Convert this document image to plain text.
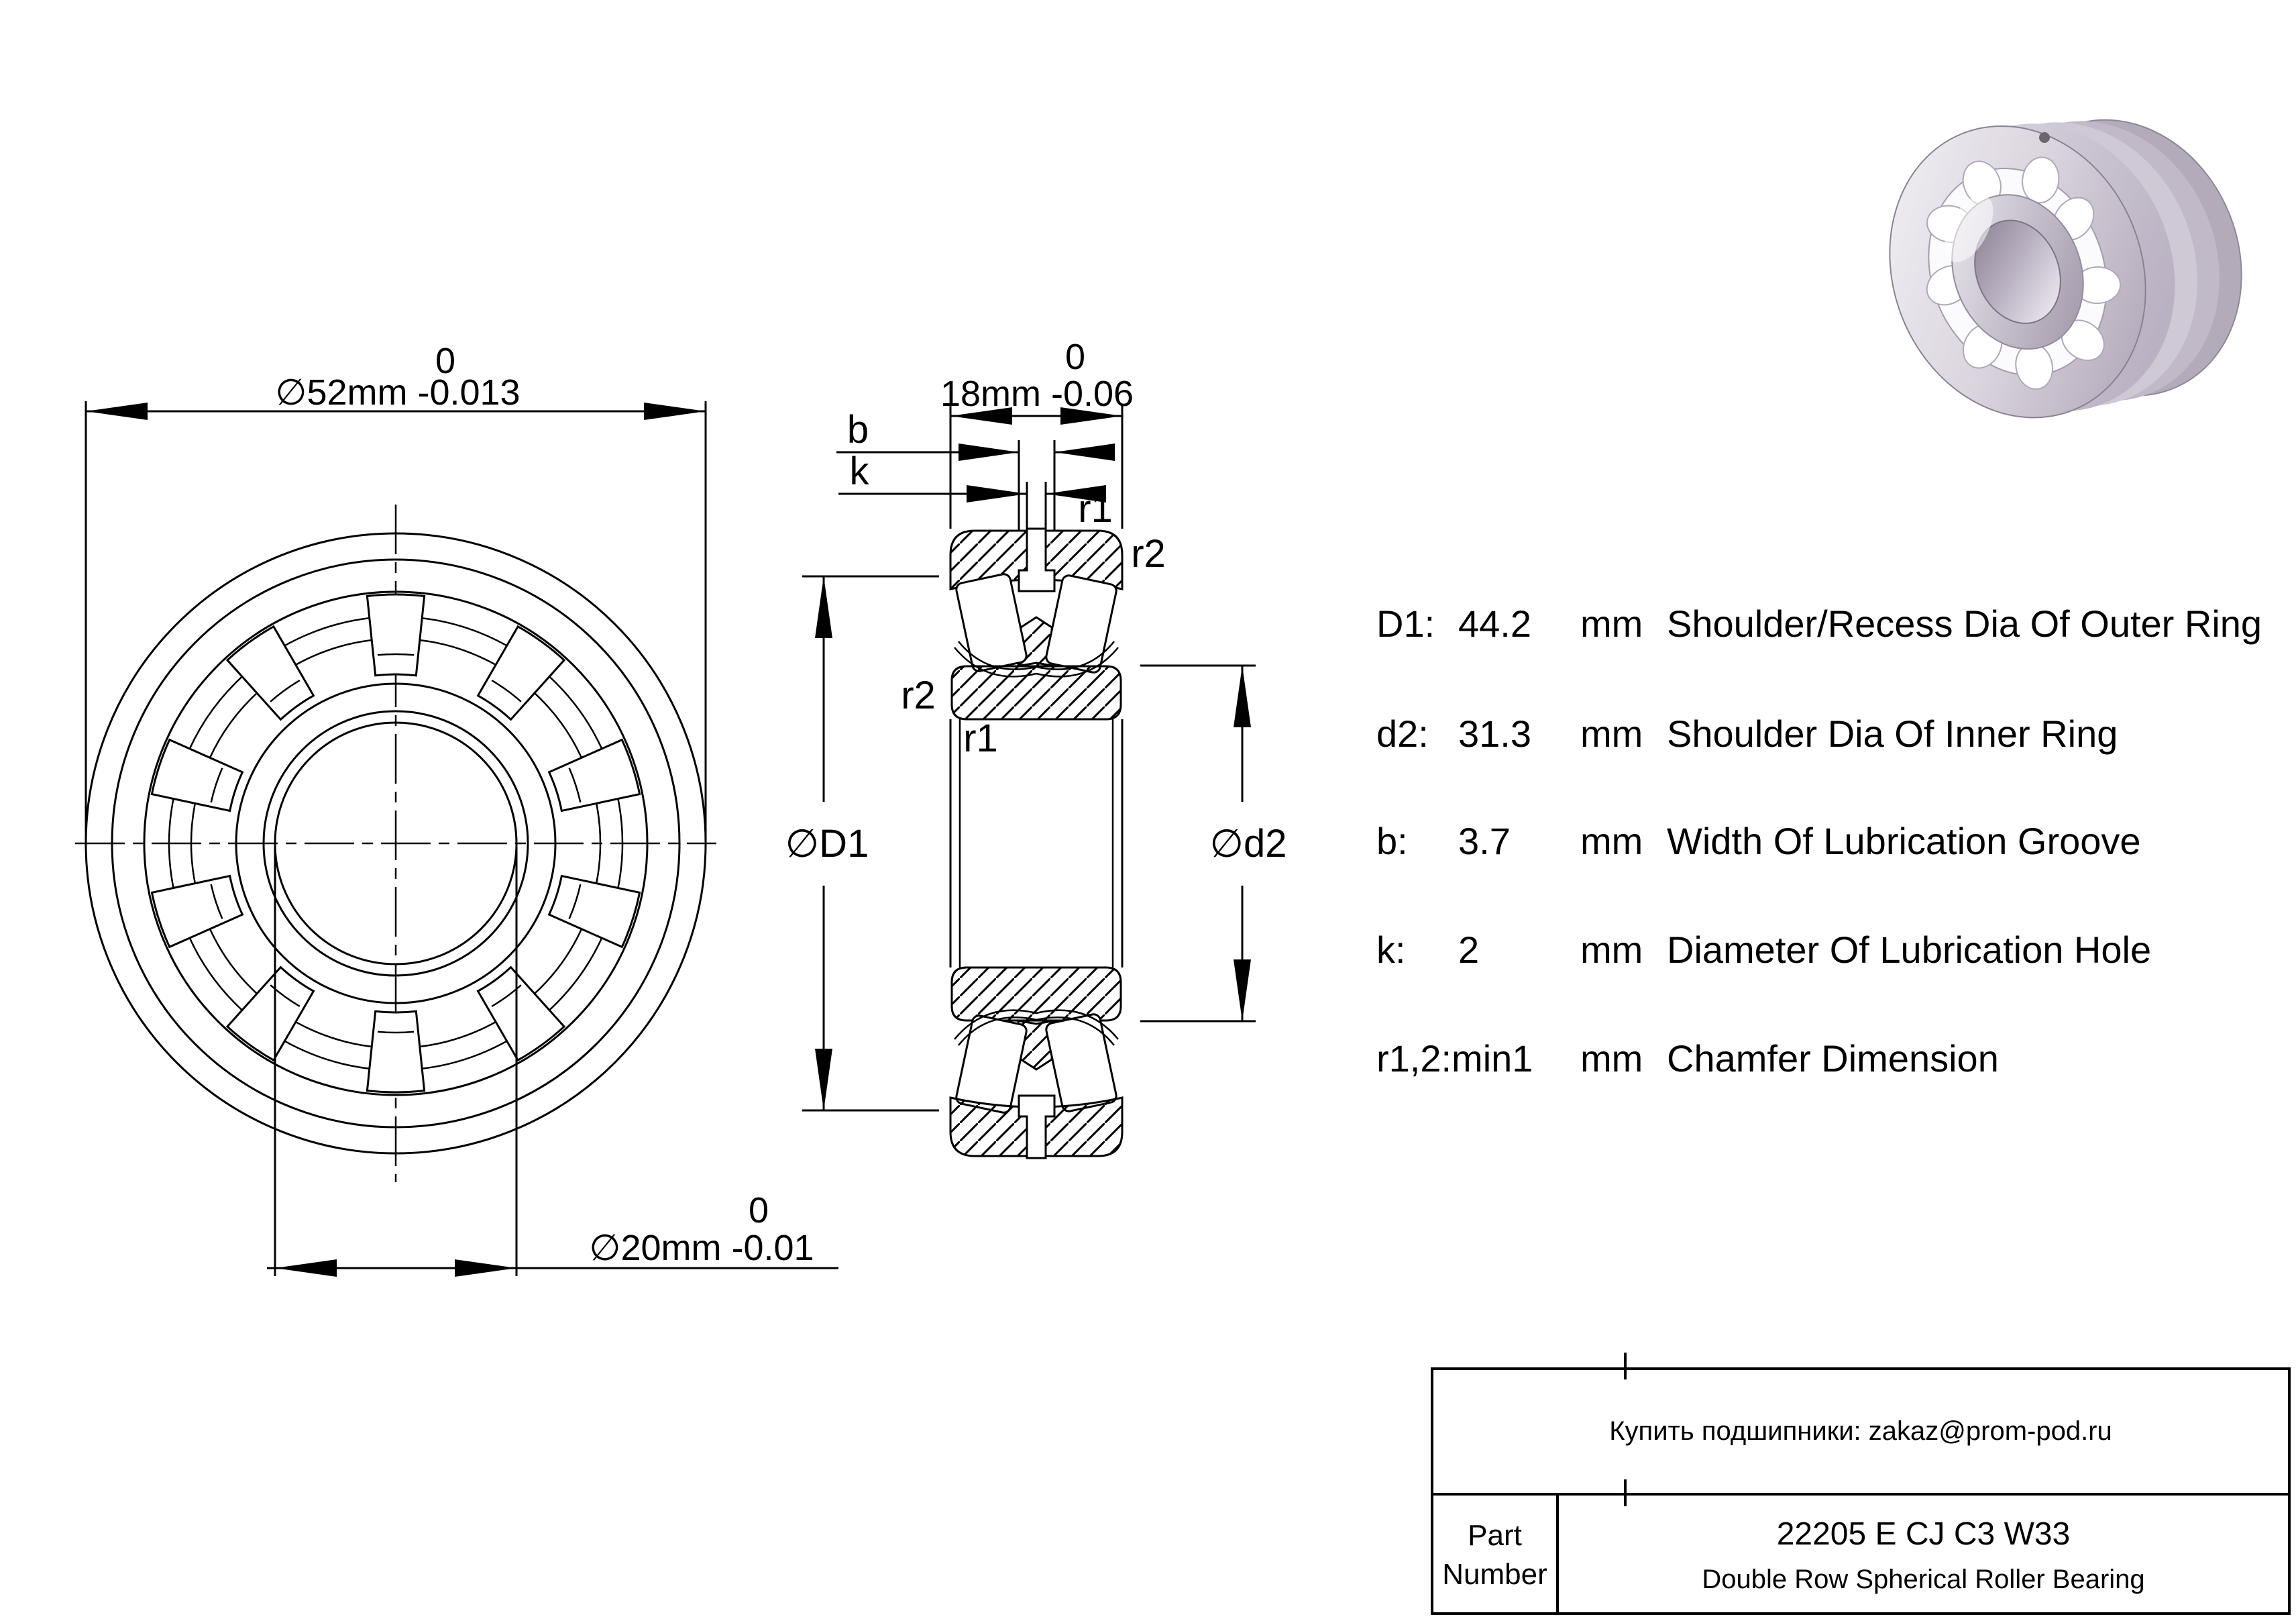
0
∅52mm -0.013
0
∅20mm -0.01
0
18mm -0.06
b
k
r1
r2
r2
r1
∅D1	∅d2
D1: 44.2 mm Shoulder/Recess Dia Of Outer Ring
d2: 31.3 mm Shoulder Dia Of Inner Ring
b: 3.7 mm Width Of Lubrication Groove
k: 2	mm Diameter Of Lubrication Hole
r1,2:min1 mm Chamfer Dimension
Купить подшипники: zakaz@prom-pod.ru
Part
Number
22205 E CJ C3 W33
Double Row Spherical Roller Bearing
